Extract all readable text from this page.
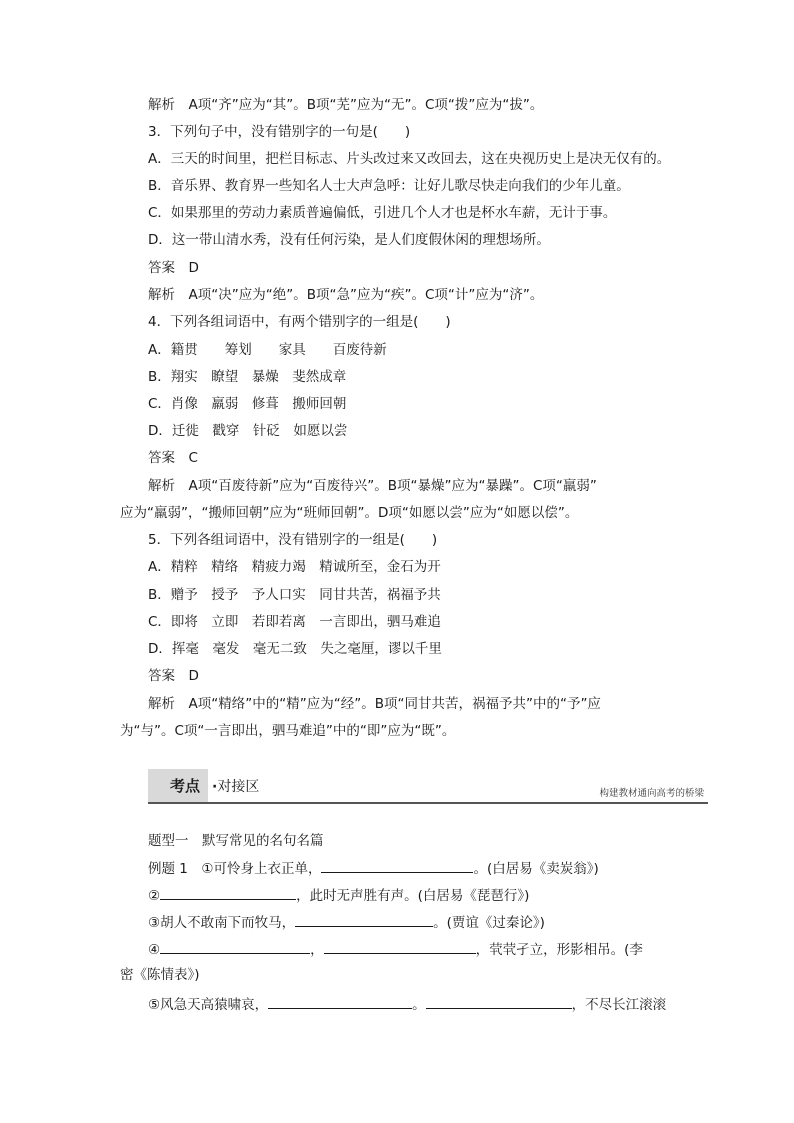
解析　A项“齐”应为“其”。B项“芜”应为“无”。C项“拨”应为“拔”。
3．下列句子中，没有错别字的一句是(　　)
A．三天的时间里，把栏目标志、片头改过来又改回去，这在央视历史上是决无仅有的。
B．音乐界、教育界一些知名人士大声急呼：让好儿歌尽快走向我们的少年儿童。
C．如果那里的劳动力素质普遍偏低，引进几个人才也是杯水车薪，无计于事。
D．这一带山清水秀，没有任何污染，是人们度假休闲的理想场所。
答案　D
解析　A项“决”应为“绝”。B项“急”应为“疾”。C项“计”应为“济”。
4．下列各组词语中，有两个错别字的一组是(　　)
A．籍贯　　筹划　　家具　　百废待新
B．翔实　瞭望　暴燥　斐然成章
C．肖像　羸弱　修葺　搬师回朝
D．迁徙　戳穿　针砭　如愿以尝
答案　C
解析　A项“百废待新”应为“百废待兴”。B项“暴燥”应为“暴躁”。C项“羸弱”
应为“羸弱”，“搬师回朝”应为“班师回朝”。D项“如愿以尝”应为“如愿以偿”。
5．下列各组词语中，没有错别字的一组是(　　)
A．精粹　精络　精疲力竭　精诚所至，金石为开
B．赠予　授予　予人口实　同甘共苦，祸福予共
C．即将　立即　若即若离　一言即出，驷马难追
D．挥毫　毫发　毫无二致　失之毫厘，谬以千里
答案　D
解析　A项“精络”中的“精”应为“经”。B项“同甘共苦，祸福予共”中的“予”应
为“与”。C项“一言即出，驷马难追”中的“即”应为“既”。
考点 ·对接区	构建教材通向高考的桥梁
题型一　默写常见的名句名篇
例题 1　①可怜身上衣正单，	。(白居易《卖炭翁》)
②	，此时无声胜有声。(白居易《琵琶行》)
③胡人不敢南下而牧马，	。(贾谊《过秦论》)
④	，	，茕茕孑立，形影相吊。(李
密《陈情表》)
⑤风急天高猿啸哀，	。	，不尽长江滚滚
